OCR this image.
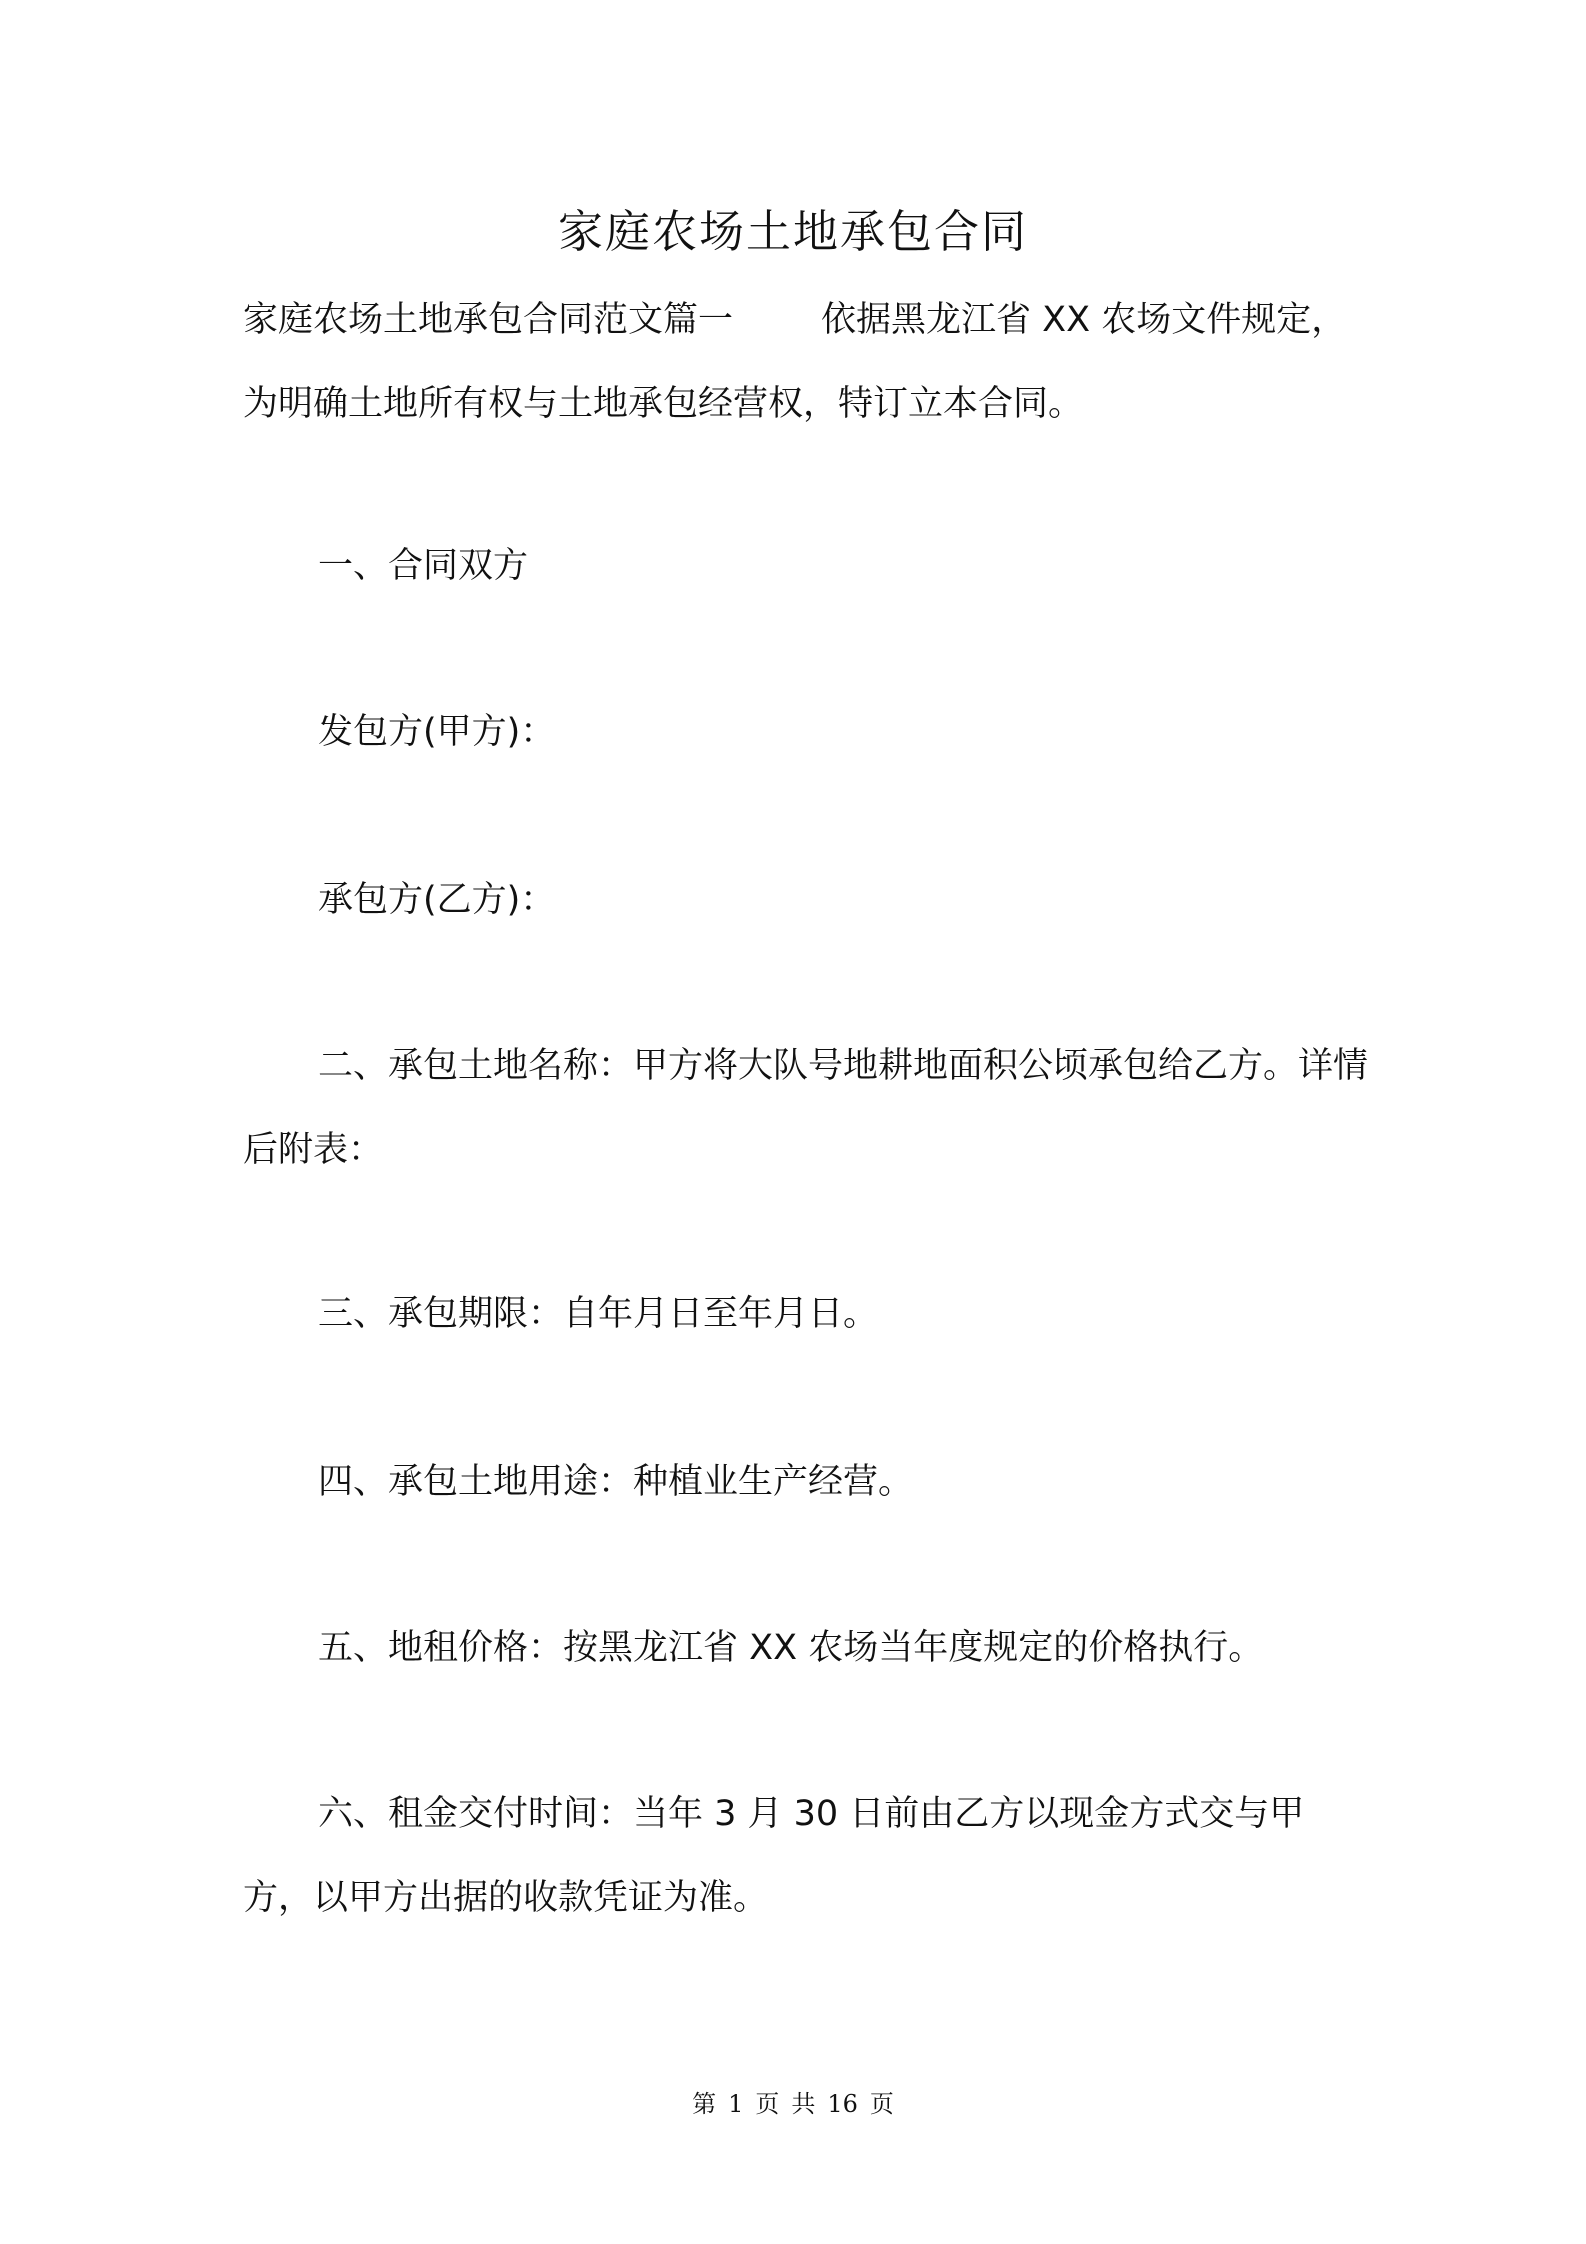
家庭农场土地承包合同

家庭农场土地承包合同范文篇一	依据黑龙江省 XX 农场文件规定，为明确土地所有权与土地承包经营权，特订立本合同。

一、合同双方

发包方(甲方)：

承包方(乙方)：

二、承包土地名称：甲方将大队号地耕地面积公顷承包给乙方。详情后附表：

三、承包期限：自年月日至年月日。

四、承包土地用途：种植业生产经营。

五、地租价格：按黑龙江省 XX 农场当年度规定的价格执行。

六、租金交付时间：当年 3 月 30 日前由乙方以现金方式交与甲方，以甲方出据的收款凭证为准。

第 1 页 共 16 页
